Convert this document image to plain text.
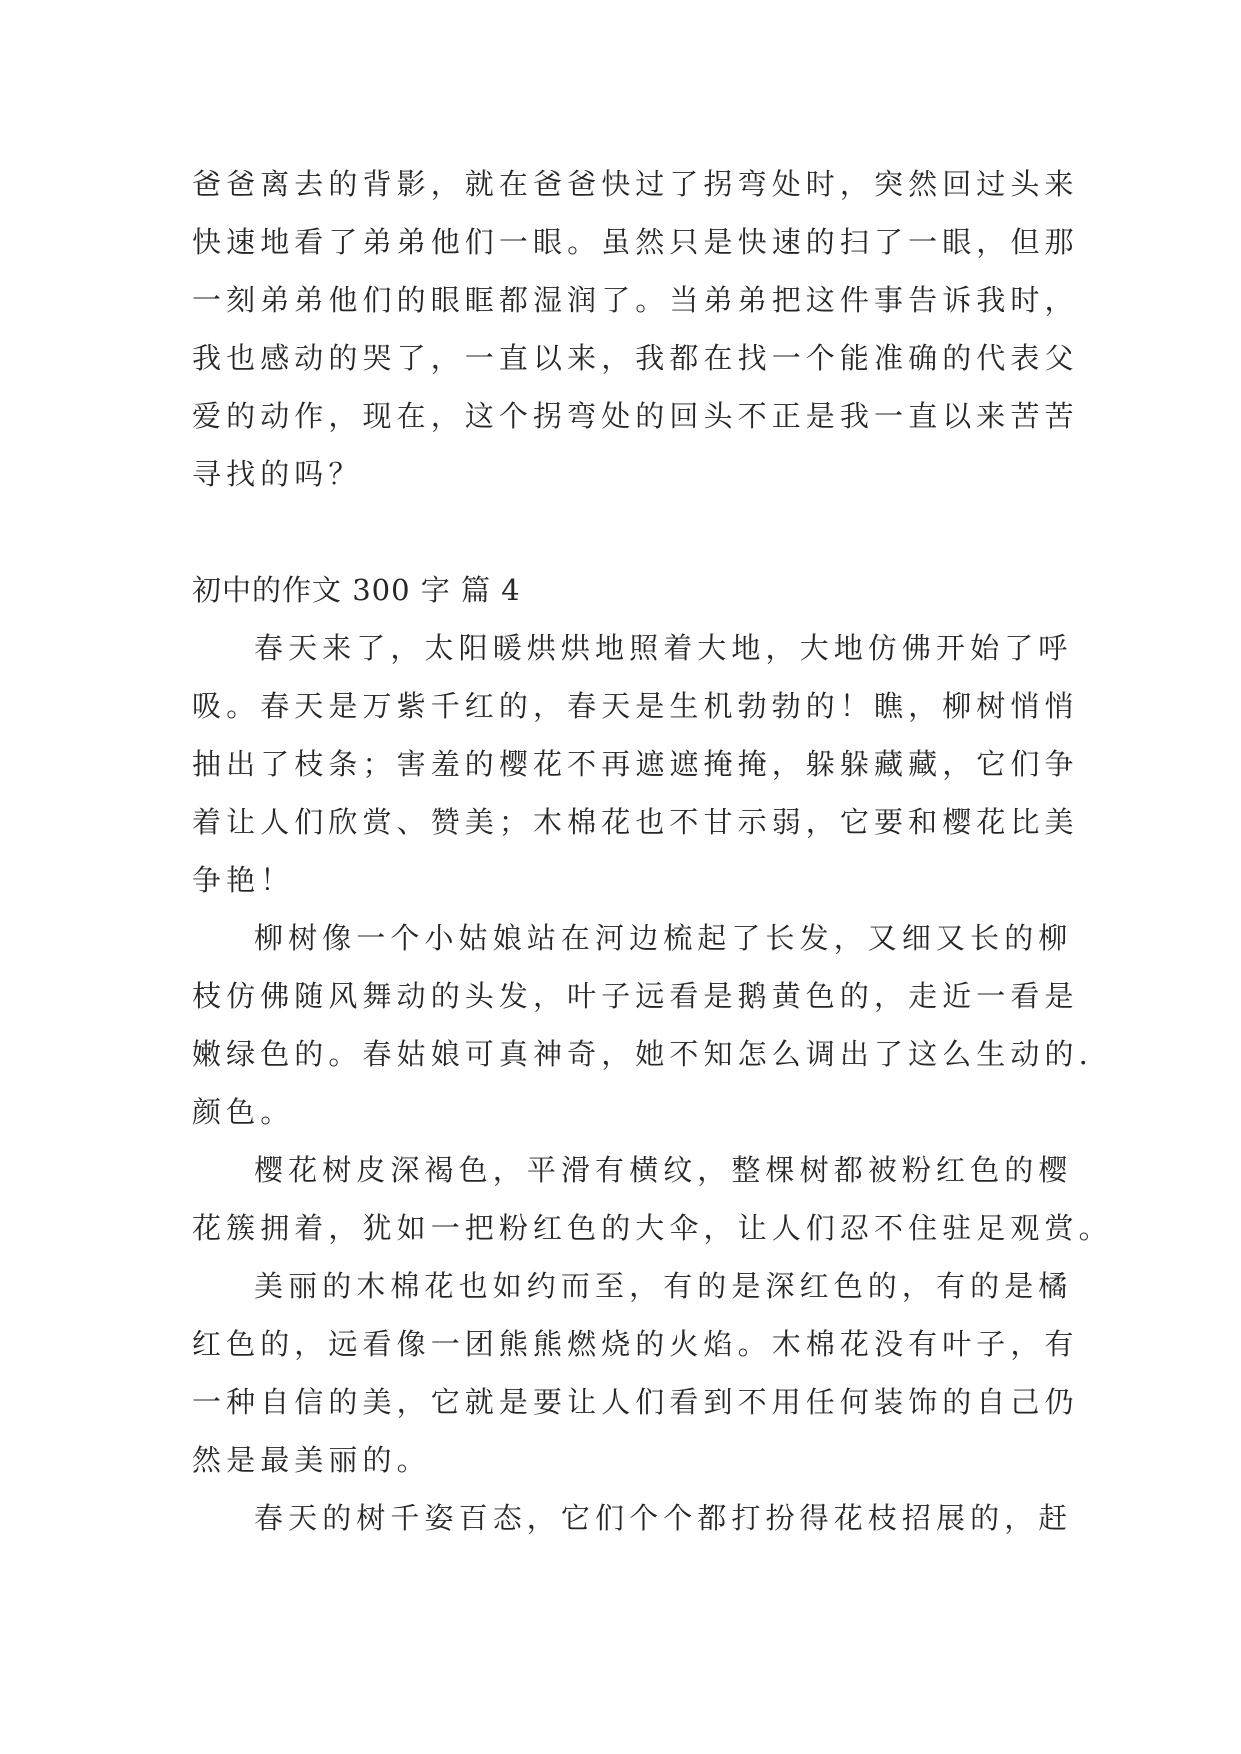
爸爸离去的背影，就在爸爸快过了拐弯处时，突然回过头来
快速地看了弟弟他们一眼。虽然只是快速的扫了一眼，但那
一刻弟弟他们的眼眶都湿润了。当弟弟把这件事告诉我时，
我也感动的哭了，一直以来，我都在找一个能准确的代表父
爱的动作，现在，这个拐弯处的回头不正是我一直以来苦苦
寻找的吗？
初中的作文 300 字 篇 4
春天来了，太阳暖烘烘地照着大地，大地仿佛开始了呼
吸。春天是万紫千红的，春天是生机勃勃的！瞧，柳树悄悄
抽出了枝条；害羞的樱花不再遮遮掩掩，躲躲藏藏，它们争
着让人们欣赏、赞美；木棉花也不甘示弱，它要和樱花比美
争艳！
柳树像一个小姑娘站在河边梳起了长发，又细又长的柳
枝仿佛随风舞动的头发，叶子远看是鹅黄色的，走近一看是
嫩绿色的。春姑娘可真神奇，她不知怎么调出了这么生动的.
颜色。
樱花树皮深褐色，平滑有横纹，整棵树都被粉红色的樱
花簇拥着，犹如一把粉红色的大伞，让人们忍不住驻足观赏。
美丽的木棉花也如约而至，有的是深红色的，有的是橘
红色的，远看像一团熊熊燃烧的火焰。木棉花没有叶子，有
一种自信的美，它就是要让人们看到不用任何装饰的自己仍
然是最美丽的。
春天的树千姿百态，它们个个都打扮得花枝招展的，赶
